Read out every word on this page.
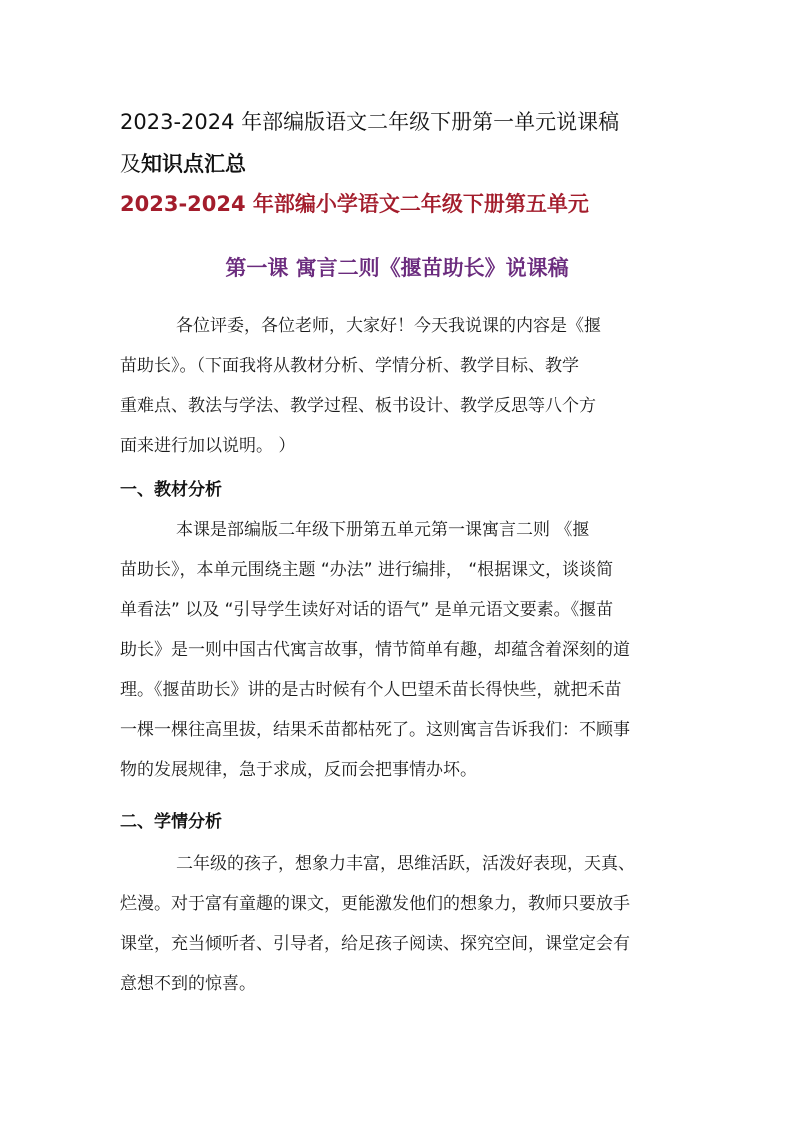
2023-2024 年部编版语文二年级下册第一单元说课稿

及知识点汇总

2023-2024 年部编小学语文二年级下册第五单元

第一课 寓言二则《揠苗助长》说课稿

各位评委，各位老师，大家好！今天我说课的内容是《揠

苗助长》。（下面我将从教材分析、学情分析、教学目标、教学

重难点、教法与学法、教学过程、板书设计、教学反思等八个方

面来进行加以说明。 ）

一、教材分析

本课是部编版二年级下册第五单元第一课寓言二则 《揠

苗助长》，本单元围绕主题 “办法” 进行编排， “根据课文，谈谈简

单看法” 以及 “引导学生读好对话的语气” 是单元语文要素。《揠苗

助长》是一则中国古代寓言故事，情节简单有趣，却蕴含着深刻的道

理。《揠苗助长》讲的是古时候有个人巴望禾苗长得快些，就把禾苗

一棵一棵往高里拔，结果禾苗都枯死了。这则寓言告诉我们：不顾事

物的发展规律，急于求成，反而会把事情办坏。

二、学情分析

二年级的孩子，想象力丰富，思维活跃，活泼好表现，天真、

烂漫。对于富有童趣的课文，更能激发他们的想象力，教师只要放手

课堂，充当倾听者、引导者，给足孩子阅读、探究空间，课堂定会有

意想不到的惊喜。
